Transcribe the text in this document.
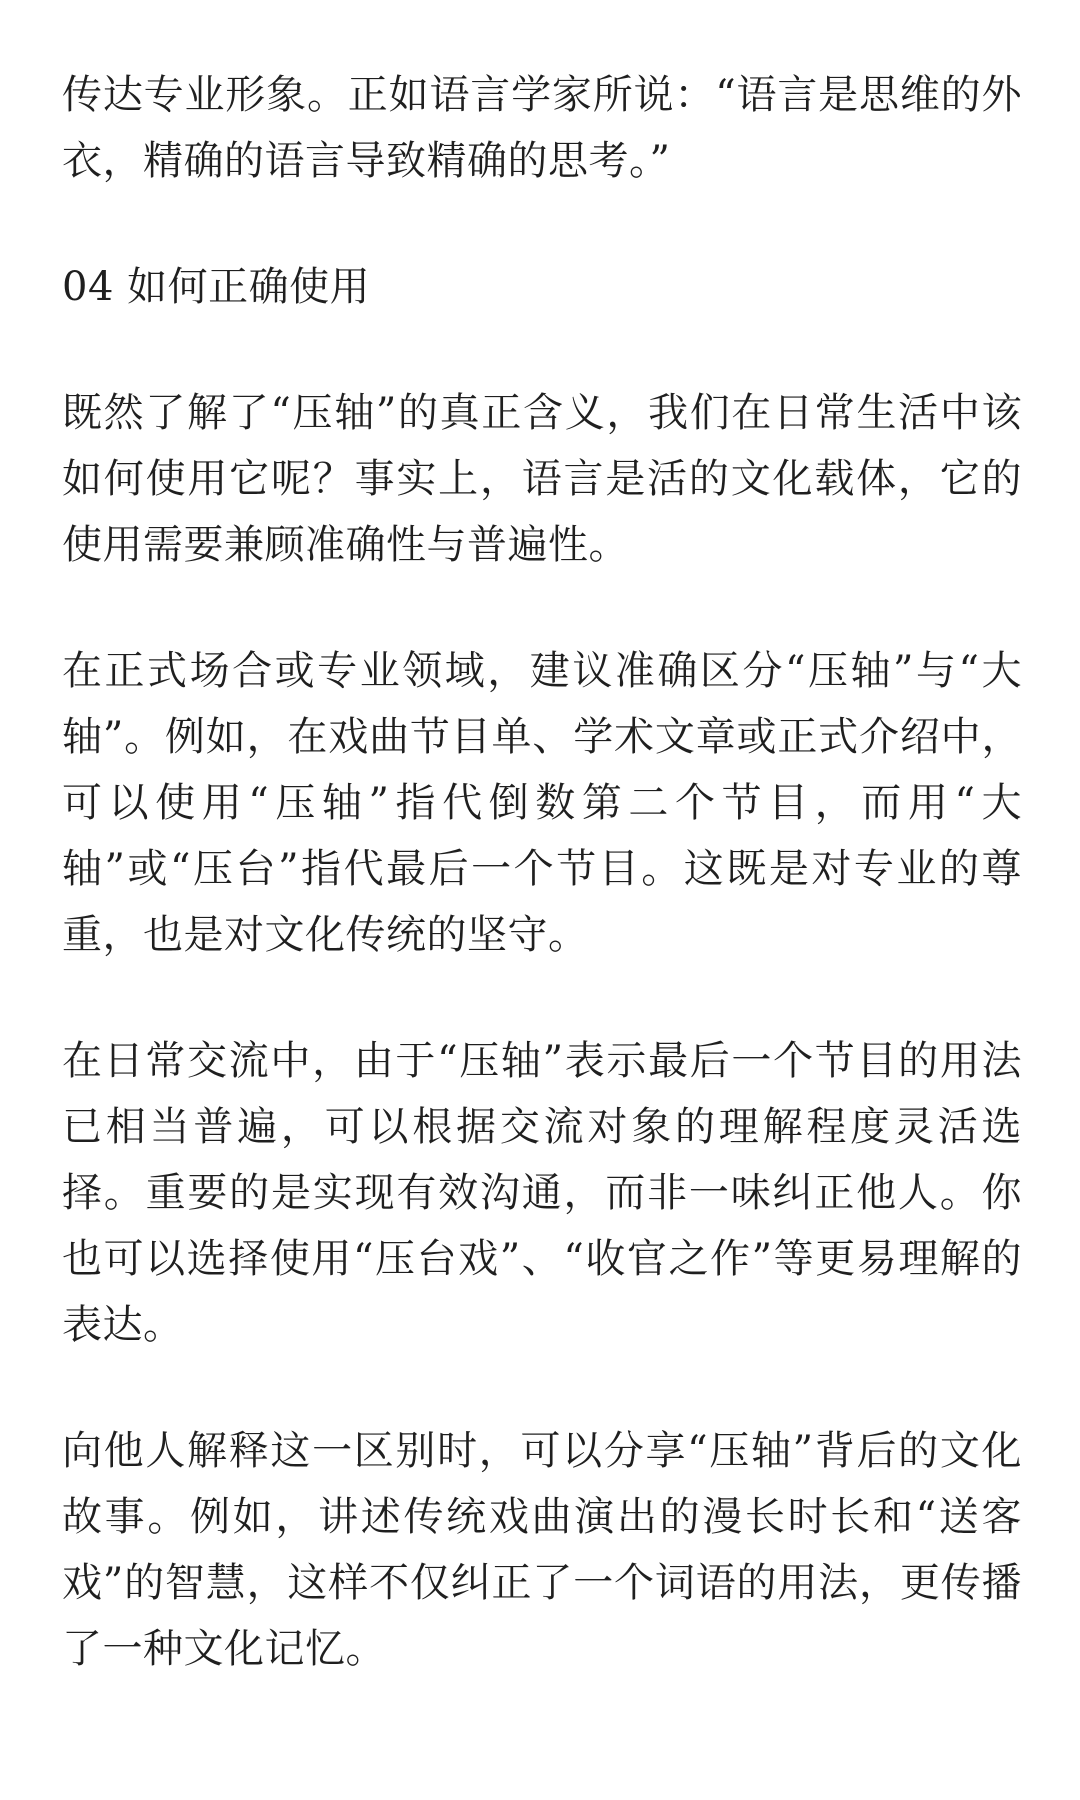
传达专业形象。正如语言学家所说：“语言是思维的外衣，精确的语言导致精确的思考。”

04 如何正确使用

既然了解了“压轴”的真正含义，我们在日常生活中该如何使用它呢？事实上，语言是活的文化载体，它的使用需要兼顾准确性与普遍性。

在正式场合或专业领域，建议准确区分“压轴”与“大轴”。例如，在戏曲节目单、学术文章或正式介绍中，可以使用“压轴”指代倒数第二个节目，而用“大轴”或“压台”指代最后一个节目。这既是对专业的尊重，也是对文化传统的坚守。

在日常交流中，由于“压轴”表示最后一个节目的用法已相当普遍，可以根据交流对象的理解程度灵活选择。重要的是实现有效沟通，而非一味纠正他人。你也可以选择使用“压台戏”、“收官之作”等更易理解的表达。

向他人解释这一区别时，可以分享“压轴”背后的文化故事。例如，讲述传统戏曲演出的漫长时长和“送客戏”的智慧，这样不仅纠正了一个词语的用法，更传播了一种文化记忆。
